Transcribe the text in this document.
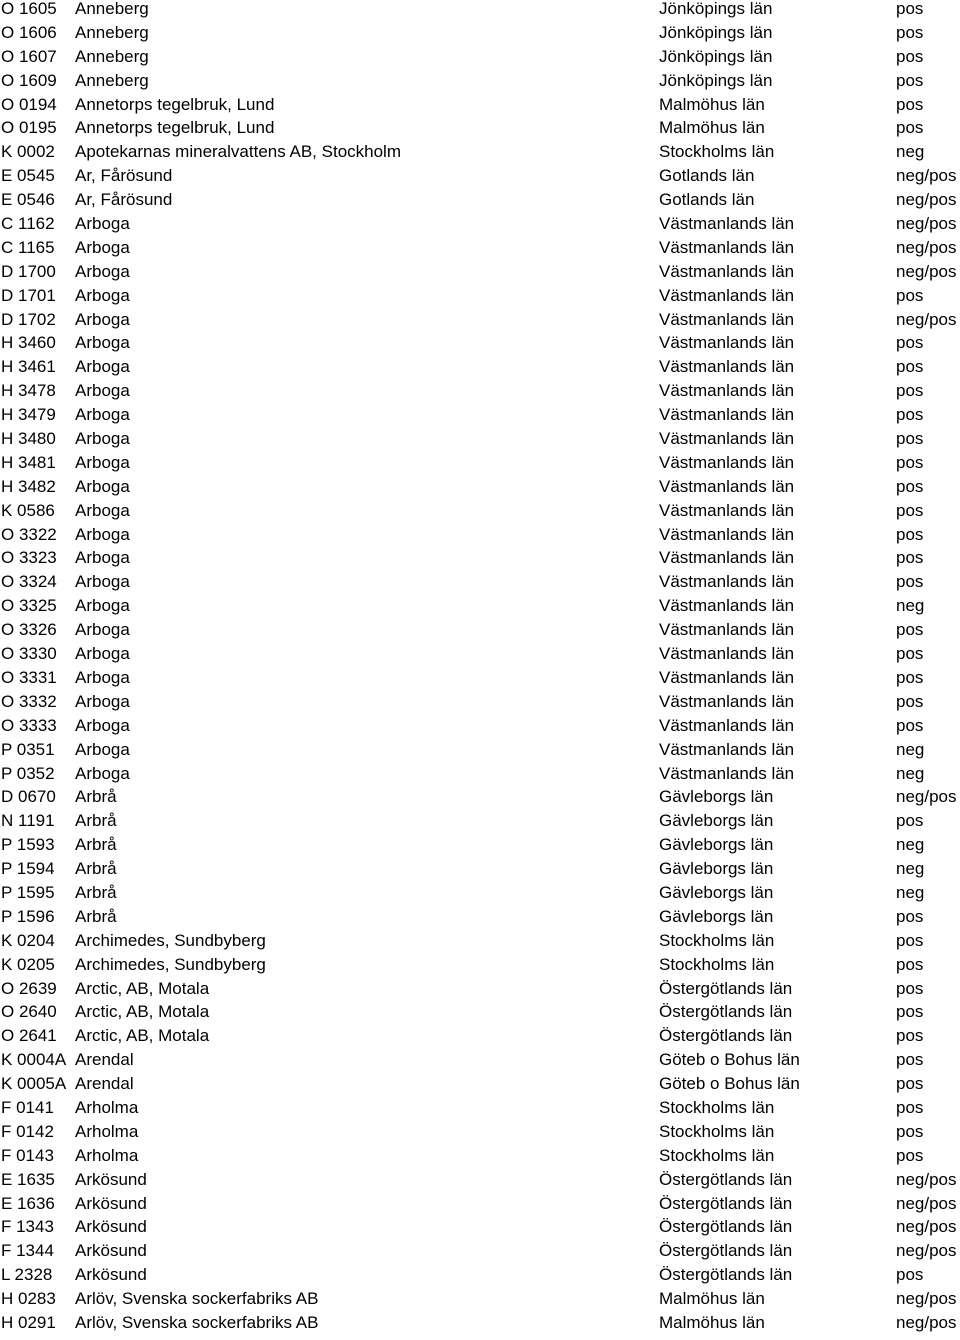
O 1605 Anneberg	Jönköpings län	pos
O 1606 Anneberg	Jönköpings län	pos
O 1607 Anneberg	Jönköpings län	pos
O 1609 Anneberg	Jönköpings län	pos
O 0194 Annetorps tegelbruk, Lund	Malmöhus län	pos
O 0195 Annetorps tegelbruk, Lund	Malmöhus län	pos
K 0002 Apotekarnas mineralvattens AB, Stockholm	Stockholms län	neg
E 0545 Ar, Fårösund	Gotlands län	neg/pos
E 0546 Ar, Fårösund	Gotlands län	neg/pos
C 1162 Arboga	Västmanlands län	neg/pos
C 1165 Arboga	Västmanlands län	neg/pos
D 1700 Arboga	Västmanlands län	neg/pos
D 1701 Arboga	Västmanlands län	pos
D 1702 Arboga	Västmanlands län	neg/pos
H 3460 Arboga	Västmanlands län	pos
H 3461 Arboga	Västmanlands län	pos
H 3478 Arboga	Västmanlands län	pos
H 3479 Arboga	Västmanlands län	pos
H 3480 Arboga	Västmanlands län	pos
H 3481 Arboga	Västmanlands län	pos
H 3482 Arboga	Västmanlands län	pos
K 0586 Arboga	Västmanlands län	pos
O 3322 Arboga	Västmanlands län	pos
O 3323 Arboga	Västmanlands län	pos
O 3324 Arboga	Västmanlands län	pos
O 3325 Arboga	Västmanlands län	neg
O 3326 Arboga	Västmanlands län	pos
O 3330 Arboga	Västmanlands län	pos
O 3331 Arboga	Västmanlands län	pos
O 3332 Arboga	Västmanlands län	pos
O 3333 Arboga	Västmanlands län	pos
P 0351 Arboga	Västmanlands län	neg
P 0352 Arboga	Västmanlands län	neg
D 0670 Arbrå	Gävleborgs län	neg/pos
N 1191 Arbrå	Gävleborgs län	pos
P 1593 Arbrå	Gävleborgs län	neg
P 1594 Arbrå	Gävleborgs län	neg
P 1595 Arbrå	Gävleborgs län	neg
P 1596 Arbrå	Gävleborgs län	pos
K 0204 Archimedes, Sundbyberg	Stockholms län	pos
K 0205 Archimedes, Sundbyberg	Stockholms län	pos
O 2639 Arctic, AB, Motala	Östergötlands län	pos
O 2640 Arctic, AB, Motala	Östergötlands län	pos
O 2641 Arctic, AB, Motala	Östergötlands län	pos
K 0004A Arendal	Göteb o Bohus län	pos
K 0005A Arendal	Göteb o Bohus län	pos
F 0141 Arholma	Stockholms län	pos
F 0142 Arholma	Stockholms län	pos
F 0143 Arholma	Stockholms län	pos
E 1635 Arkösund	Östergötlands län	neg/pos
E 1636 Arkösund	Östergötlands län	neg/pos
F 1343 Arkösund	Östergötlands län	neg/pos
F 1344 Arkösund	Östergötlands län	neg/pos
L 2328 Arkösund	Östergötlands län	pos
H 0283 Arlöv, Svenska sockerfabriks AB	Malmöhus län	neg/pos
H 0291 Arlöv, Svenska sockerfabriks AB	Malmöhus län	neg/pos
